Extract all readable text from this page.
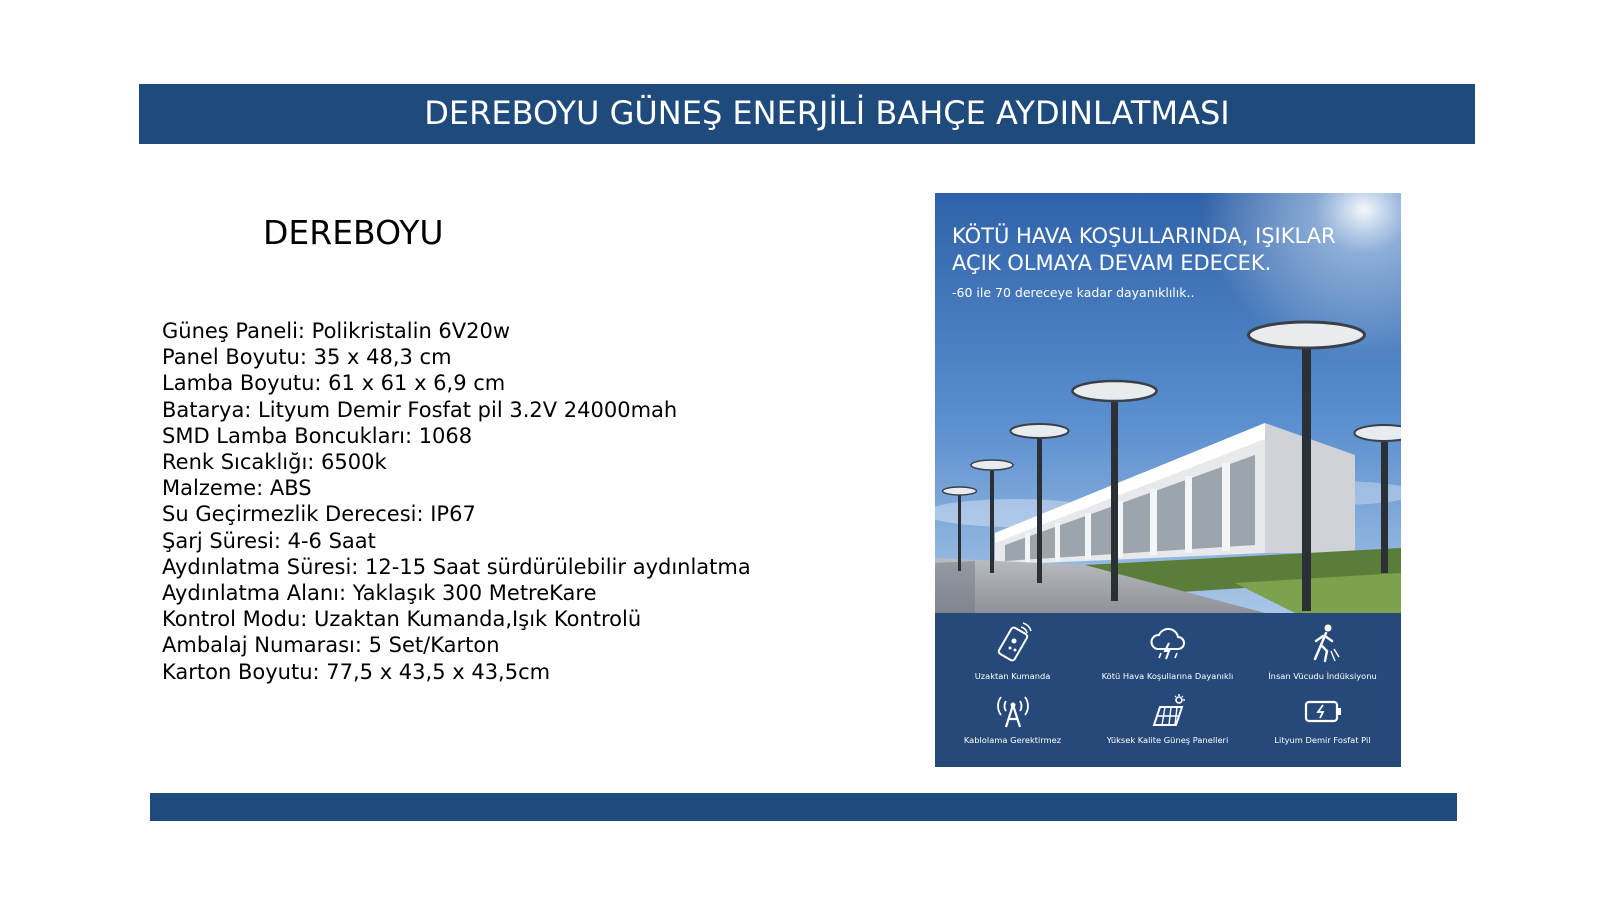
DEREBOYU GÜNEŞ ENERJİLİ BAHÇE AYDINLATMASI
DEREBOYU
Güneş Paneli: Polikristalin 6V20w
Panel Boyutu: 35 x 48,3 cm
Lamba Boyutu: 61 x 61 x 6,9 cm
Batarya: Lityum Demir Fosfat pil 3.2V 24000mah
SMD Lamba Boncukları: 1068
Renk Sıcaklığı: 6500k
Malzeme: ABS
Su Geçirmezlik Derecesi: IP67
Şarj Süresi: 4-6 Saat
Aydınlatma Süresi: 12-15 Saat sürdürülebilir aydınlatma
Aydınlatma Alanı: Yaklaşık 300 MetreKare
Kontrol Modu: Uzaktan Kumanda,Işık Kontrolü
Ambalaj Numarası: 5 Set/Karton
Karton Boyutu: 77,5 x 43,5 x 43,5cm
KÖTÜ HAVA KOŞULLARINDA, IŞIKLAR
AÇIK OLMAYA DEVAM EDECEK.
-60 ile 70 dereceye kadar dayanıklılık..
Uzaktan Kumanda	Kötü Hava Koşullarına Dayanıklı	İnsan Vücudu İndüksiyonu
Kablolama Gerektirmez	Yüksek Kalite Güneş Panelleri	Lityum Demir Fosfat Pil
